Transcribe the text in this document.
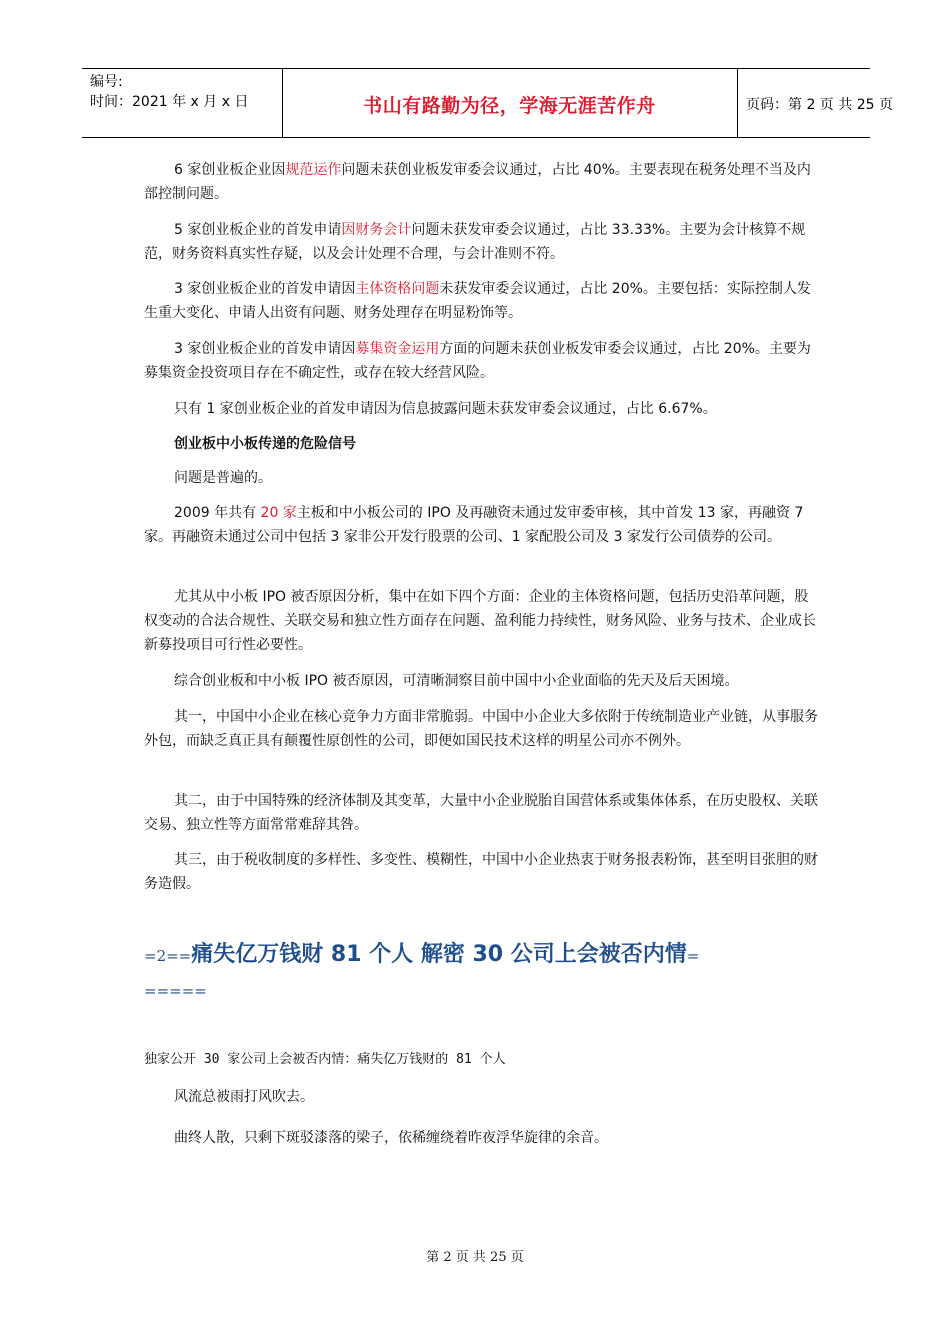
编号:
时间：2021 年 x 月 x 日	书山有路勤为径，学海无涯苦作舟	页码：第 2 页 共 25 页
6 家创业板企业因规范运作问题未获创业板发审委会议通过，占比 40%。主要表现在税务处理不当及内部控制问题。
5 家创业板企业的首发申请因财务会计问题未获发审委会议通过，占比 33.33%。主要为会计核算不规范，财务资料真实性存疑，以及会计处理不合理，与会计准则不符。
3 家创业板企业的首发申请因主体资格问题未获发审委会议通过，占比 20%。主要包括：实际控制人发生重大变化、申请人出资有问题、财务处理存在明显粉饰等。
3 家创业板企业的首发申请因募集资金运用方面的问题未获创业板发审委会议通过，占比 20%。主要为募集资金投资项目存在不确定性，或存在较大经营风险。
只有 1 家创业板企业的首发申请因为信息披露问题未获发审委会议通过，占比 6.67%。
创业板中小板传递的危险信号
问题是普遍的。
2009 年共有 20 家主板和中小板公司的 IPO 及再融资未通过发审委审核，其中首发 13 家，再融资 7 家。再融资未通过公司中包括 3 家非公开发行股票的公司、1 家配股公司及 3 家发行公司债券的公司。
尤其从中小板 IPO 被否原因分析，集中在如下四个方面：企业的主体资格问题，包括历史沿革问题，股权变动的合法合规性、关联交易和独立性方面存在问题、盈利能力持续性，财务风险、业务与技术、企业成长新募投项目可行性必要性。
综合创业板和中小板 IPO 被否原因，可清晰洞察目前中国中小企业面临的先天及后天困境。
其一，中国中小企业在核心竞争力方面非常脆弱。中国中小企业大多依附于传统制造业产业链，从事服务外包，而缺乏真正具有颠覆性原创性的公司，即便如国民技术这样的明星公司亦不例外。
其二，由于中国特殊的经济体制及其变革，大量中小企业脱胎自国营体系或集体体系，在历史股权、关联交易、独立性等方面常常难辞其咎。
其三，由于税收制度的多样性、多变性、模糊性，中国中小企业热衷于财务报表粉饰，甚至明目张胆的财务造假。
=2==痛失亿万钱财 81 个人 解密 30 公司上会被否内情=
=====
独家公开 30 家公司上会被否内情：痛失亿万钱财的 81 个人
风流总被雨打风吹去。
曲终人散，只剩下斑驳漆落的梁子，依稀缠绕着昨夜浮华旋律的余音。
第 2 页 共 25 页
